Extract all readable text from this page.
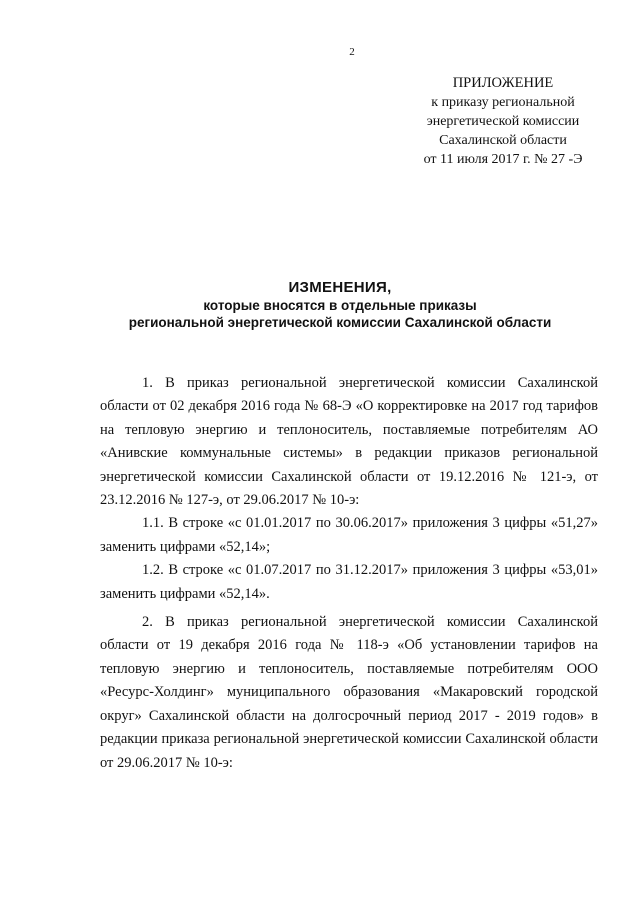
2
ПРИЛОЖЕНИЕ
к приказу региональной
энергетической комиссии
Сахалинской области
от 11 июля 2017 г. № 27 -Э
ИЗМЕНЕНИЯ,
которые вносятся в отдельные приказы
региональной энергетической комиссии Сахалинской области

1. В приказ региональной энергетической комиссии Сахалинской области от 02 декабря 2016 года № 68-Э «О корректировке на 2017 год тарифов на тепловую энергию и теплоноситель, поставляемые потребителям АО «Анивские коммунальные системы» в редакции приказов региональной энергетической комиссии Сахалинской области от 19.12.2016 № 121-э, от 23.12.2016 № 127-э, от 29.06.2017 № 10-э:

1.1. В строке «с 01.01.2017 по 30.06.2017» приложения 3 цифры «51,27» заменить цифрами «52,14»;

1.2. В строке «с 01.07.2017 по 31.12.2017» приложения 3 цифры «53,01» заменить цифрами «52,14».

2. В приказ региональной энергетической комиссии Сахалинской области от 19 декабря 2016 года № 118-э «Об установлении тарифов на тепловую энергию и теплоноситель, поставляемые потребителям ООО «Ресурс-Холдинг» муниципального образования «Макаровский городской округ» Сахалинской области на долгосрочный период 2017 - 2019 годов» в редакции приказа региональной энергетической комиссии Сахалинской области от 29.06.2017 № 10-э:
